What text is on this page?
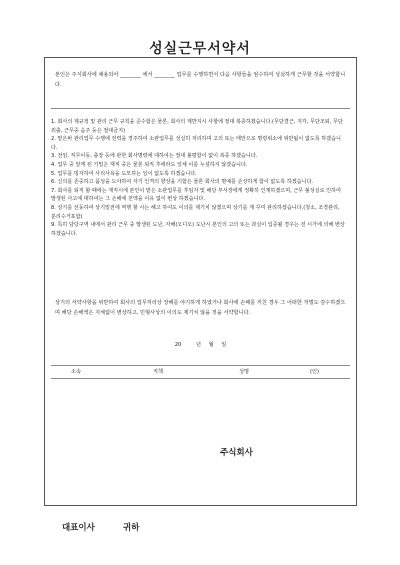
성실근무서약서
본인은 주식회사에 채용되어 ________ 에서 ________ 업무를 수행하면서 다음 사항들을 엄수하여 성실하게 근무할 것을 서약합니다.
1. 회사의 제규정 및 관리 근무 규칙을 준수함은 물론, 회사의 제반지시 사항에 절대 복종하겠습니다.(무단결근, 지각, 무단조퇴, 무단외출, 근무중 음주 등은 절대금지)
2. 맡은바 관리업무 수행에 전력을 경주하여 소관업무를 성실히 처리하며 고의 또는 태만으로 명령위소에 위반됨이 없도록 하겠습니다.
3. 전임, 직무이동, 출장 등에 관한 회사명령에 대하여는 절대 불평함이 없이 복종 하겠습니다.
4. 업무 중 알게 된 기밀은 재직 중은 물론 퇴직 후에라도 일체 이를 누설하지 않겠습니다.
5. 업무를 빙자하여 사리사욕을 도모하는 일이 없도록 하겠습니다.
6. 신의를 존중하고 품성을 도야하여 자기 인격의 향상을 기함은 물론 회사의 명예를 손상하게 함이 없도록 하겠습니다.
7. 회사를 퇴직 할 때에는 재직시에 본인이 맡은 소관업무를 후임자 및 해당 부서장에게 정확히 인계하겠으며, 근무 불성실로 인하여 발생된 사고에 대하여는 그 손해에 전액을 이유 없이 변상 하겠습니다.
8. 상기를 선동하여 상기밀전에 역행 할 시는 해고 하여도 이의를 제기치 않겠으며 상기를 재 꾸미 관리하겠습니다.(청소, 조경관리, 분리수거포함)
9. 특히 담당구역 내에서 관리 근무 중 발생된 도난, 자해(오디오) 도난시 본인의 고의 또는 과실이 입증될 경우는 전 시가에 의해 변상하겠습니다.
상기의 서약사항을 위반하여 회사의 업무처리상 장해를 야기하게 하였거나 회사에 손해를 끼친 경우 그 어떠한 처벌도 감수하겠으며 해당 손해액은 지체없이 변상하고, 민형사상의 이의도 제기치 않을 것을 서약합니다.
20	년 월 일
소속	직책	성명	(인)
주식회사
대표이사	귀하
